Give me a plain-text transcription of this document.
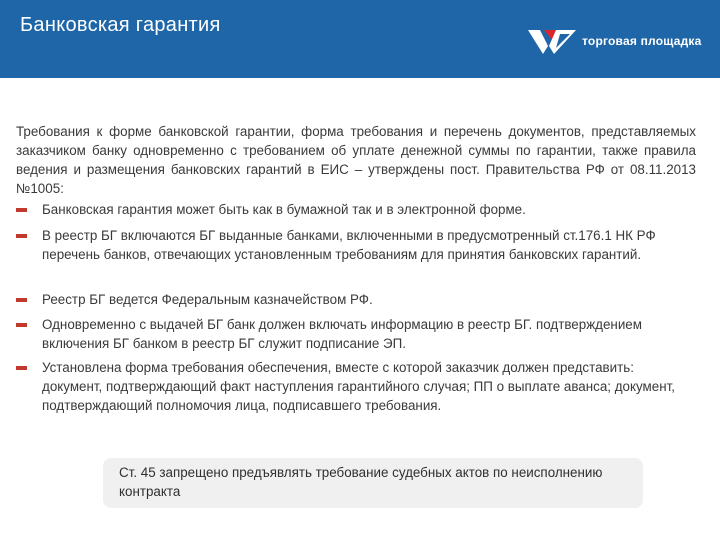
Банковская гарантия
торговая площадка
Требования к форме банковской гарантии, форма требования и перечень документов, представляемых заказчиком банку одновременно с требованием об уплате денежной суммы по гарантии, также правила ведения и размещения банковских гарантий в ЕИС – утверждены пост. Правительства РФ от 08.11.2013 №1005:
Банковская гарантия может быть как в бумажной так и в электронной форме.
В реестр БГ включаются БГ выданные банками, включенными в предусмотренный ст.176.1 НК РФ перечень банков, отвечающих установленным требованиям для принятия банковских гарантий.
Реестр БГ ведется Федеральным казначейством РФ.
Одновременно с выдачей БГ банк должен включать информацию в реестр БГ. подтверждением включения БГ банком в реестр БГ служит подписание ЭП.
Установлена форма требования обеспечения, вместе с которой заказчик должен представить: документ, подтверждающий факт наступления гарантийного случая; ПП о выплате аванса; документ, подтверждающий полномочия лица, подписавшего требования.
Ст. 45 запрещено предъявлять требование судебных актов по неисполнению контракта
